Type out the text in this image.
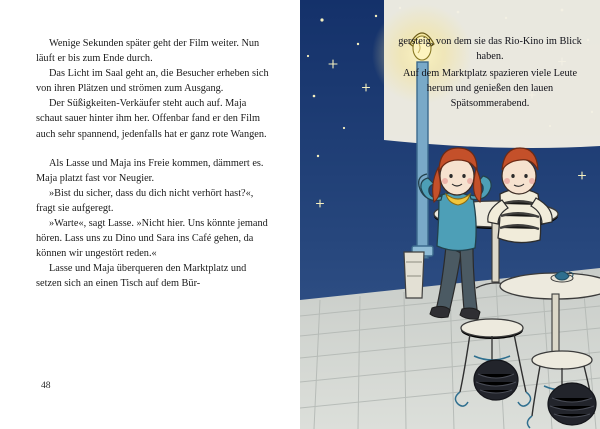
Wenige Sekunden später geht der Film weiter. Nun läuft er bis zum Ende durch.

Das Licht im Saal geht an, die Besucher erheben sich von ihren Plätzen und strömen zum Ausgang.

Der Süßigkeiten-Verkäufer steht auch auf. Maja schaut sauer hinter ihm her. Offenbar fand er den Film auch sehr spannend, jedenfalls hat er ganz rote Wangen.

Als Lasse und Maja ins Freie kommen, dämmert es. Maja platzt fast vor Neugier.

»Bist du sicher, dass du dich nicht verhört hast?«, fragt sie aufgeregt.

»Warte«, sagt Lasse. »Nicht hier. Uns könnte jemand hören. Lass uns zu Dino und Sara ins Café gehen, da können wir ungestört reden.«

Lasse und Maja überqueren den Marktplatz und setzen sich an einen Tisch auf dem Bür-

48

gersteig, von dem sie das Rio-Kino im Blick haben.

Auf dem Marktplatz spazieren viele Leute herum und genießen den lauen Spätsommerabend.
